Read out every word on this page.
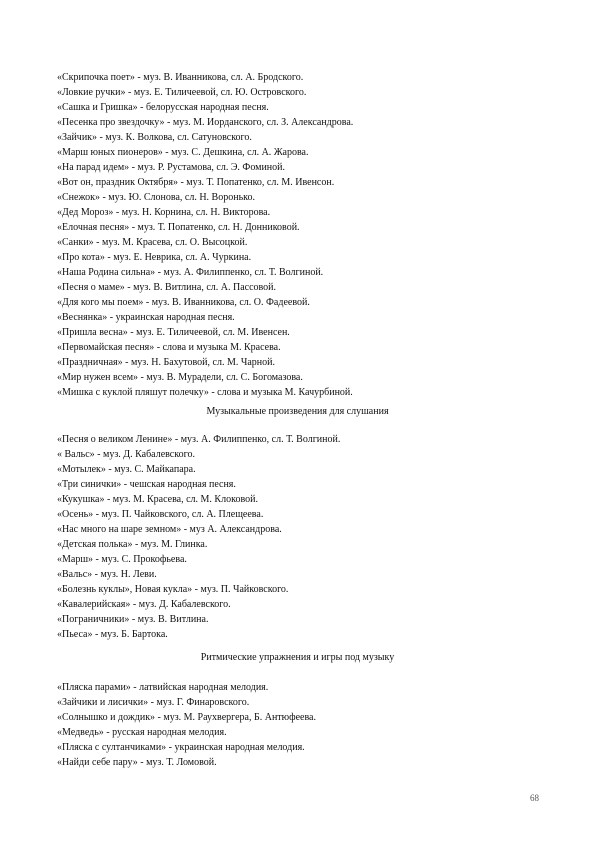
«Скрипочка поет» - муз. В. Иванникова, сл. А. Бродского.
«Ловкие ручки» - муз. Е. Тиличеевой, сл. Ю. Островского.
«Сашка и Гришка» - белорусская народная песня.
«Песенка про звездочку» - муз. М. Иорданского, сл. З. Александрова.
«Зайчик» - муз. К. Волкова, сл. Сатуновского.
«Марш юных пионеров» - муз. С. Дешкина, сл. А. Жарова.
«На парад идем» - муз. Р. Рустамова, сл. Э. Фоминой.
«Вот он, праздник Октября» - муз. Т. Попатенко, сл. М. Ивенсон.
«Снежок» - муз. Ю. Слонова, сл. Н. Воронько.
«Дед Мороз» - муз. Н. Корнина, сл. Н. Викторова.
«Елочная песня» - муз. Т. Попатенко, сл. Н. Донниковой.
«Санки» - муз. М. Красева, сл. О. Высоцкой.
«Про кота» - муз. Е. Неврика, сл. А. Чуркина.
«Наша Родина сильна» - муз. А. Филиппенко, сл. Т. Волгиной.
«Песня о маме» - муз. В. Витлина, сл. А. Пассовой.
«Для кого мы поем» - муз. В. Иванникова, сл. О. Фадеевой.
«Веснянка» - украинская народная песня.
«Пришла весна» - муз. Е. Тиличеевой, сл. М. Ивенсен.
«Первомайская песня» - слова и музыка М. Красева.
«Праздничная» - муз. Н. Бахутовой, сл. М. Чарной.
«Мир нужен всем» - муз. В. Мурадели, сл. С. Богомазова.
«Мишка с куклой пляшут полечку» - слова и музыка М. Качурбиной.
Музыкальные произведения для слушания
«Песня о великом Ленине» - муз. А. Филиппенко, сл. Т. Волгиной.
« Вальс» - муз. Д. Кабалевского.
«Мотылек» - муз. С. Майкапара.
«Три синички» - чешская народная песня.
«Кукушка» - муз. М. Красева, сл. М. Клоковой.
«Осень» - муз. П. Чайковского, сл. А. Плещеева.
«Нас много на шаре земном» - муз А. Александрова.
«Детская полька» - муз. М. Глинка.
«Марш» - муз. С. Прокофьева.
«Вальс» - муз. Н. Леви.
«Болезнь куклы», Новая кукла» - муз. П. Чайковского.
«Кавалерийская» - муз. Д. Кабалевского.
«Пограничники» - муз. В. Витлина.
«Пьеса» - муз. Б. Бартока.
Ритмические упражнения и игры под музыку
«Пляска парами» - латвийская народная мелодия.
«Зайчики и лисички» - муз. Г. Финаровского.
«Солнышко и дождик» - муз. М. Раухвергера, Б. Антюфеева.
«Медведь» - русская народная мелодия.
«Пляска с султанчиками» - украинская народная мелодия.
«Найди себе пару» - муз. Т. Ломовой.
68
